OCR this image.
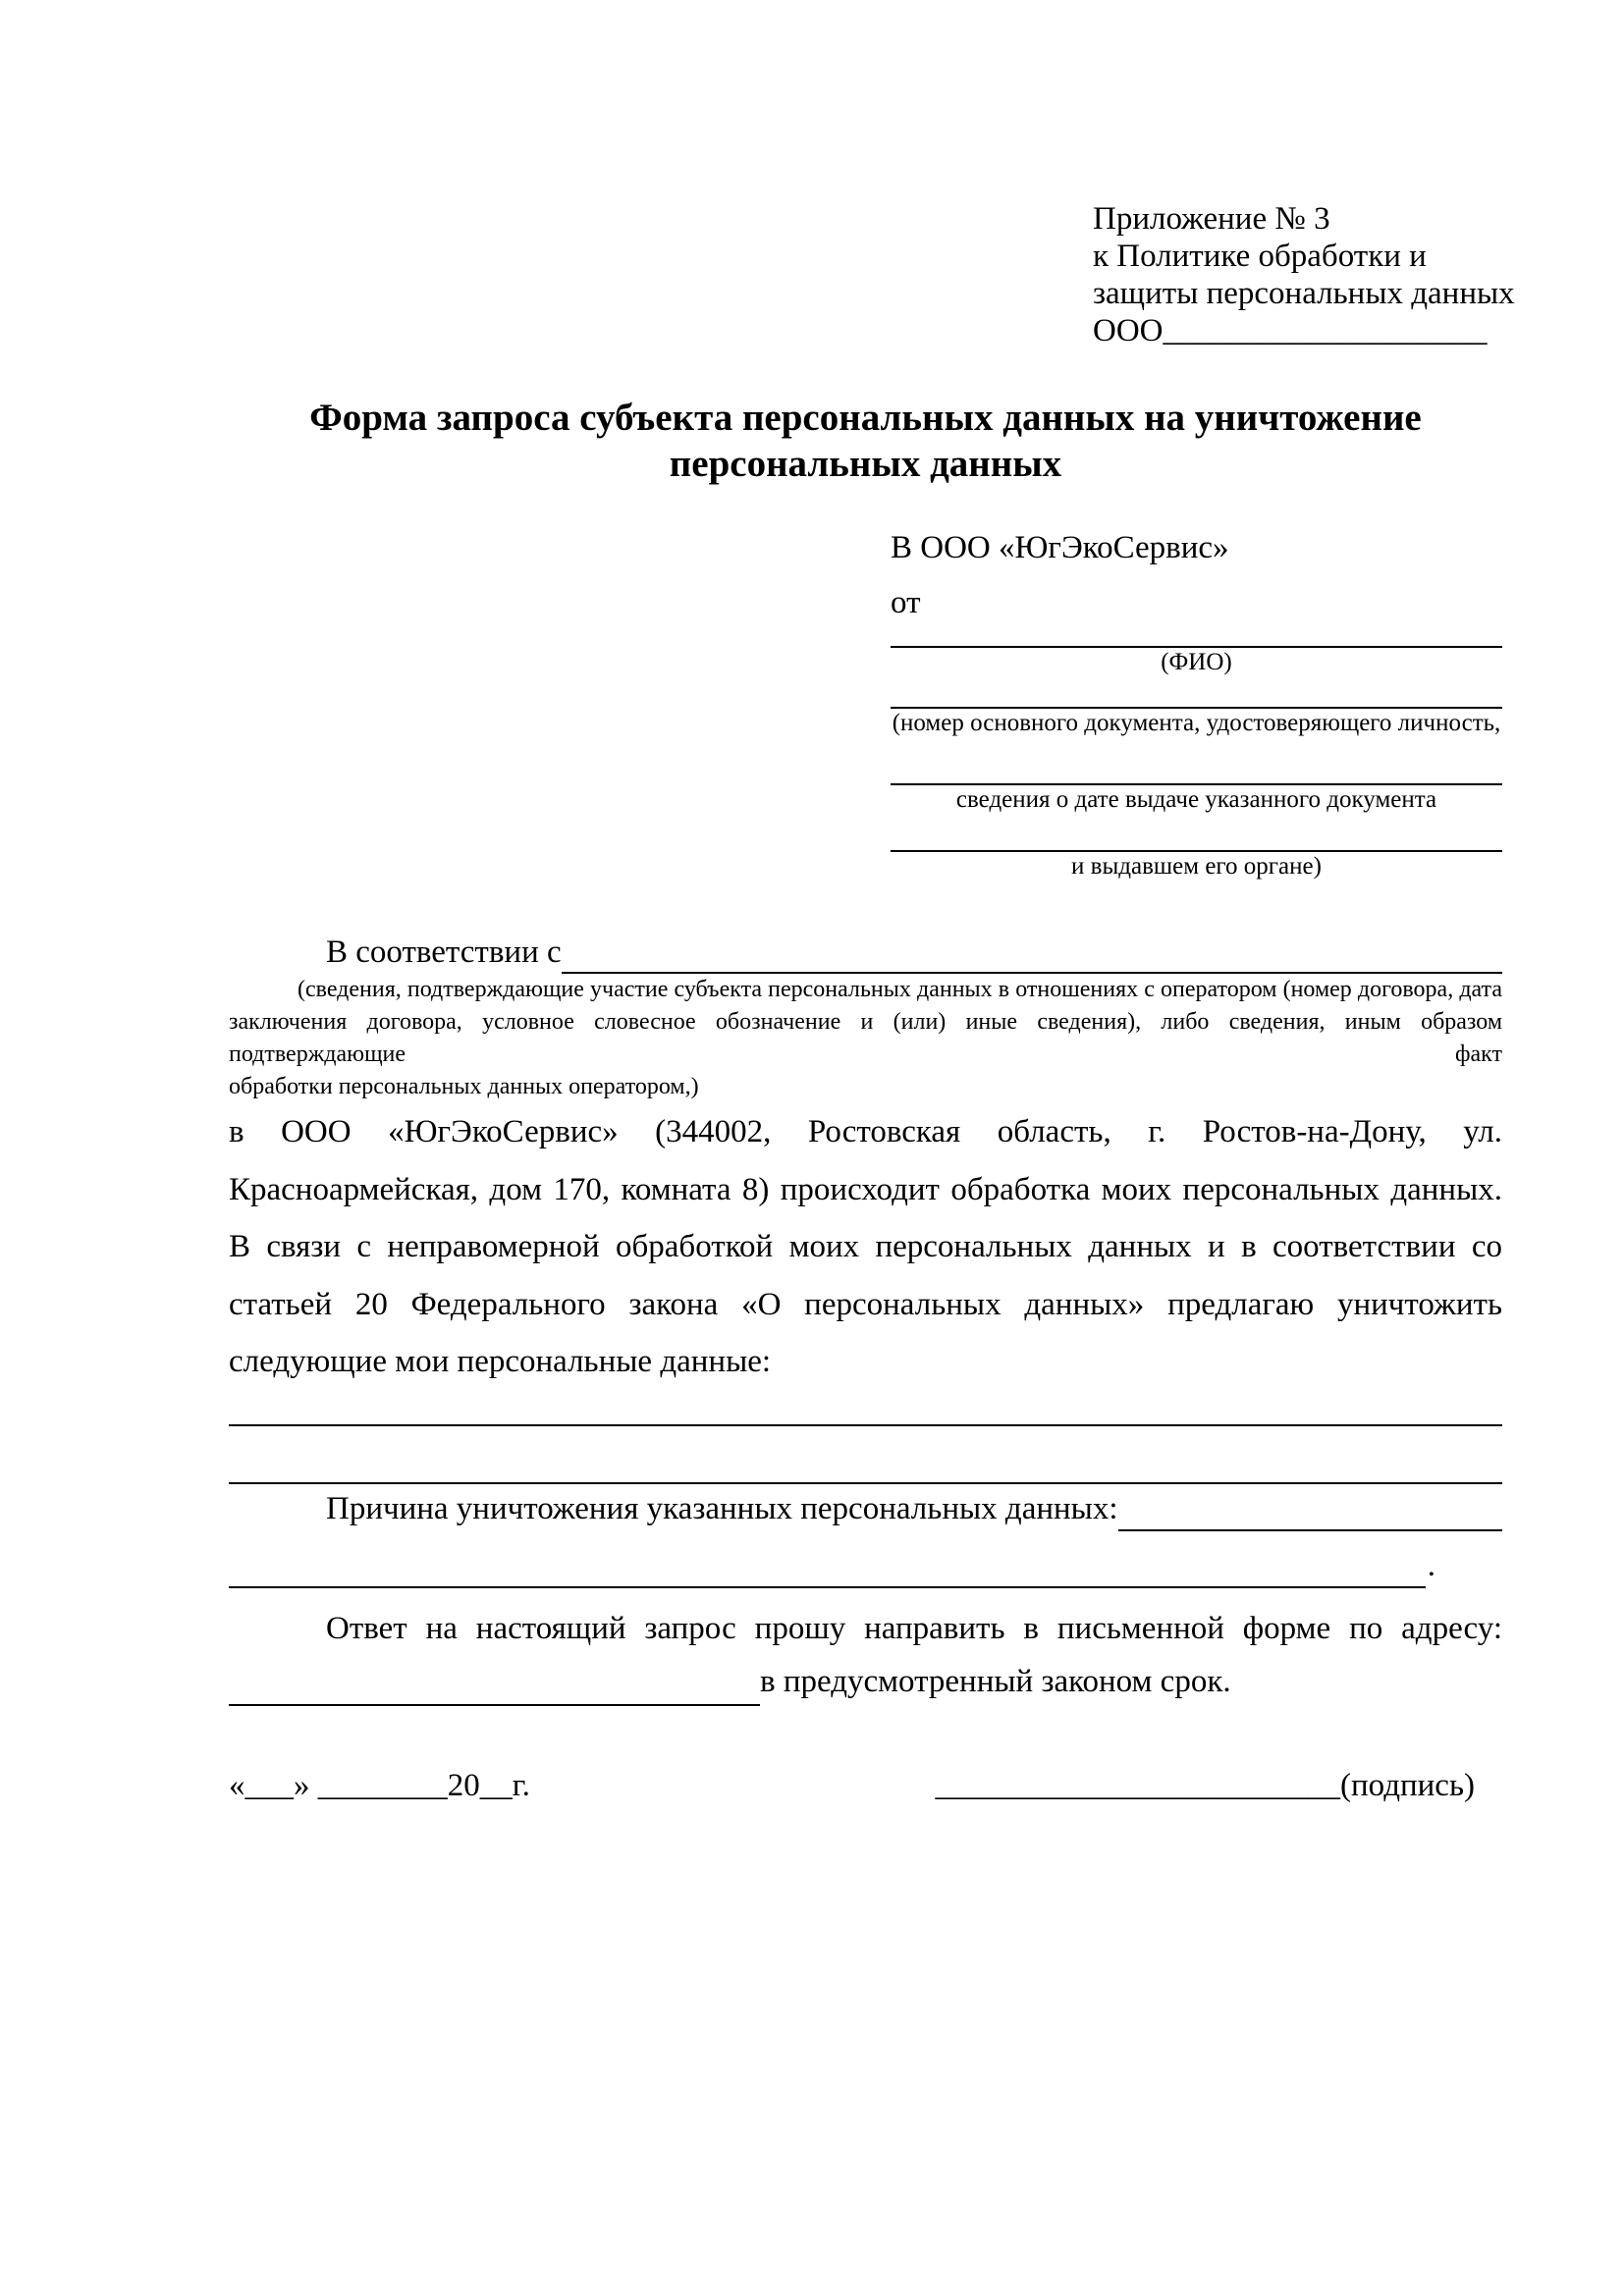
Приложение № 3
к Политике обработки и
защиты персональных данных
ООО____________________
Форма запроса субъекта персональных данных на уничтожение персональных данных
В ООО «ЮгЭкоСервис»
от
(ФИО)
(номер основного документа, удостоверяющего личность,
сведения о дате выдаче указанного документа
и выдавшем его органе)
В соответствии с
(сведения, подтверждающие участие субъекта персональных данных в отношениях с оператором (номер договора, дата
заключения договора, условное словесное обозначение и (или) иные сведения), либо сведения, иным образом подтверждающие факт
обработки персональных данных оператором,)
в ООО «ЮгЭкоСервис» (344002, Ростовская область, г. Ростов-на-Дону, ул.
Красноармейская, дом 170, комната 8) происходит обработка моих персональных данных.
В связи с неправомерной обработкой моих персональных данных и в соответствии со
статьей 20 Федерального закона «О персональных данных» предлагаю уничтожить
следующие мои персональные данные:
Причина уничтожения указанных персональных данных:
.
Ответ на настоящий запрос прошу направить в письменной форме по адресу:
в предусмотренный законом срок.
«___» ________20__г.	_________________________(подпись)
